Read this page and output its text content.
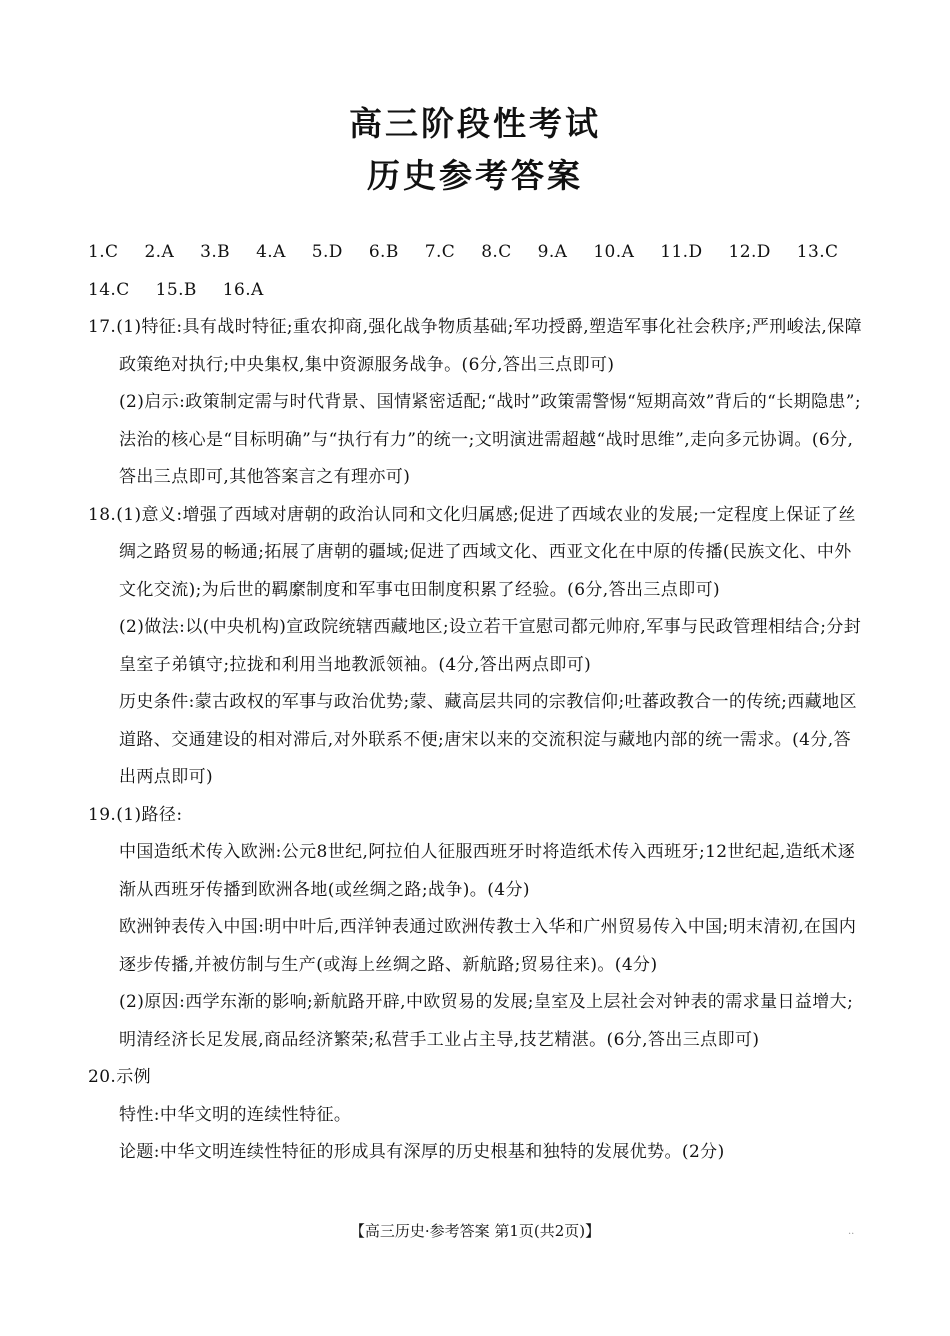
高三阶段性考试
历史参考答案
1.C 2.A 3.B 4.A 5.D 6.B 7.C 8.C 9.A 10.A 11.D 12.D 13.C
14.C 15.B 16.A

17.(1)特征:具有战时特征;重农抑商,强化战争物质基础;军功授爵,塑造军事化社会秩序;严刑峻法,保障政策绝对执行;中央集权,集中资源服务战争。(6分,答出三点即可)

(2)启示:政策制定需与时代背景、国情紧密适配;“战时”政策需警惕“短期高效”背后的“长期隐患”;法治的核心是“目标明确”与“执行有力”的统一;文明演进需超越“战时思维”,走向多元协调。(6分,答出三点即可,其他答案言之有理亦可)

18.(1)意义:增强了西域对唐朝的政治认同和文化归属感;促进了西域农业的发展;一定程度上保证了丝绸之路贸易的畅通;拓展了唐朝的疆域;促进了西域文化、西亚文化在中原的传播(民族文化、中外文化交流);为后世的羁縻制度和军事屯田制度积累了经验。(6分,答出三点即可)

(2)做法:以(中央机构)宣政院统辖西藏地区;设立若干宣慰司都元帅府,军事与民政管理相结合;分封皇室子弟镇守;拉拢和利用当地教派领袖。(4分,答出两点即可)

历史条件:蒙古政权的军事与政治优势;蒙、藏高层共同的宗教信仰;吐蕃政教合一的传统;西藏地区道路、交通建设的相对滞后,对外联系不便;唐宋以来的交流积淀与藏地内部的统一需求。(4分,答出两点即可)

19.(1)路径:

中国造纸术传入欧洲:公元8世纪,阿拉伯人征服西班牙时将造纸术传入西班牙;12世纪起,造纸术逐渐从西班牙传播到欧洲各地(或丝绸之路;战争)。(4分)

欧洲钟表传入中国:明中叶后,西洋钟表通过欧洲传教士入华和广州贸易传入中国;明末清初,在国内逐步传播,并被仿制与生产(或海上丝绸之路、新航路;贸易往来)。(4分)

(2)原因:西学东渐的影响;新航路开辟,中欧贸易的发展;皇室及上层社会对钟表的需求量日益增大;明清经济长足发展,商品经济繁荣;私营手工业占主导,技艺精湛。(6分,答出三点即可)

20.示例

特性:中华文明的连续性特征。

论题:中华文明连续性特征的形成具有深厚的历史根基和独特的发展优势。(2分)

【高三历史·参考答案 第1页(共2页)】	..
